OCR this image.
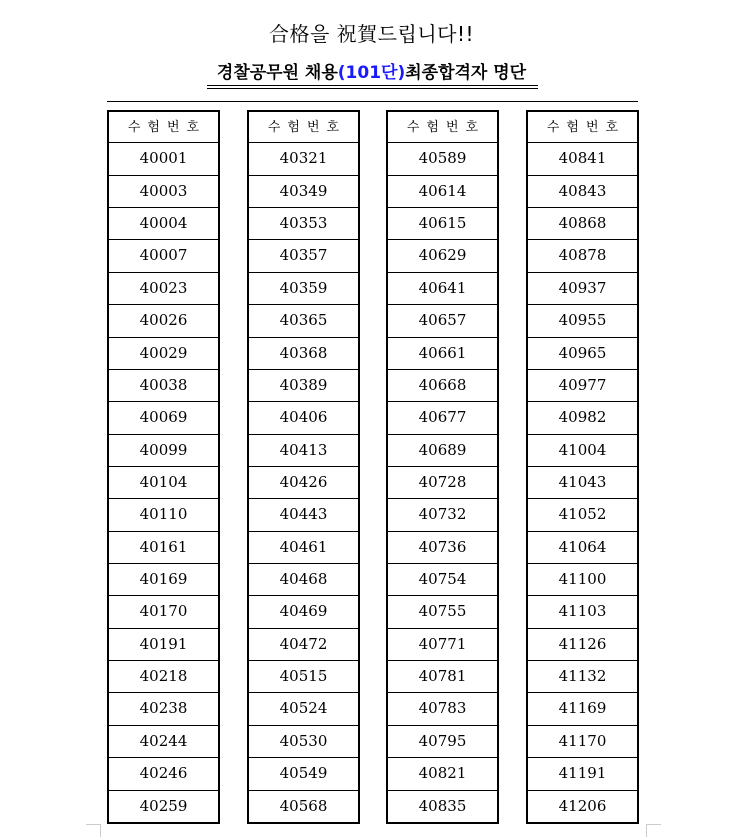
合格을 祝賀드립니다!!
경찰공무원 채용(101단)최종합격자 명단
수험번호
40001
40003
40004
40007
40023
40026
40029
40038
40069
40099
40104
40110
40161
40169
40170
40191
40218
40238
40244
40246
40259
수험번호
40321
40349
40353
40357
40359
40365
40368
40389
40406
40413
40426
40443
40461
40468
40469
40472
40515
40524
40530
40549
40568
수험번호
40589
40614
40615
40629
40641
40657
40661
40668
40677
40689
40728
40732
40736
40754
40755
40771
40781
40783
40795
40821
40835
수험번호
40841
40843
40868
40878
40937
40955
40965
40977
40982
41004
41043
41052
41064
41100
41103
41126
41132
41169
41170
41191
41206
